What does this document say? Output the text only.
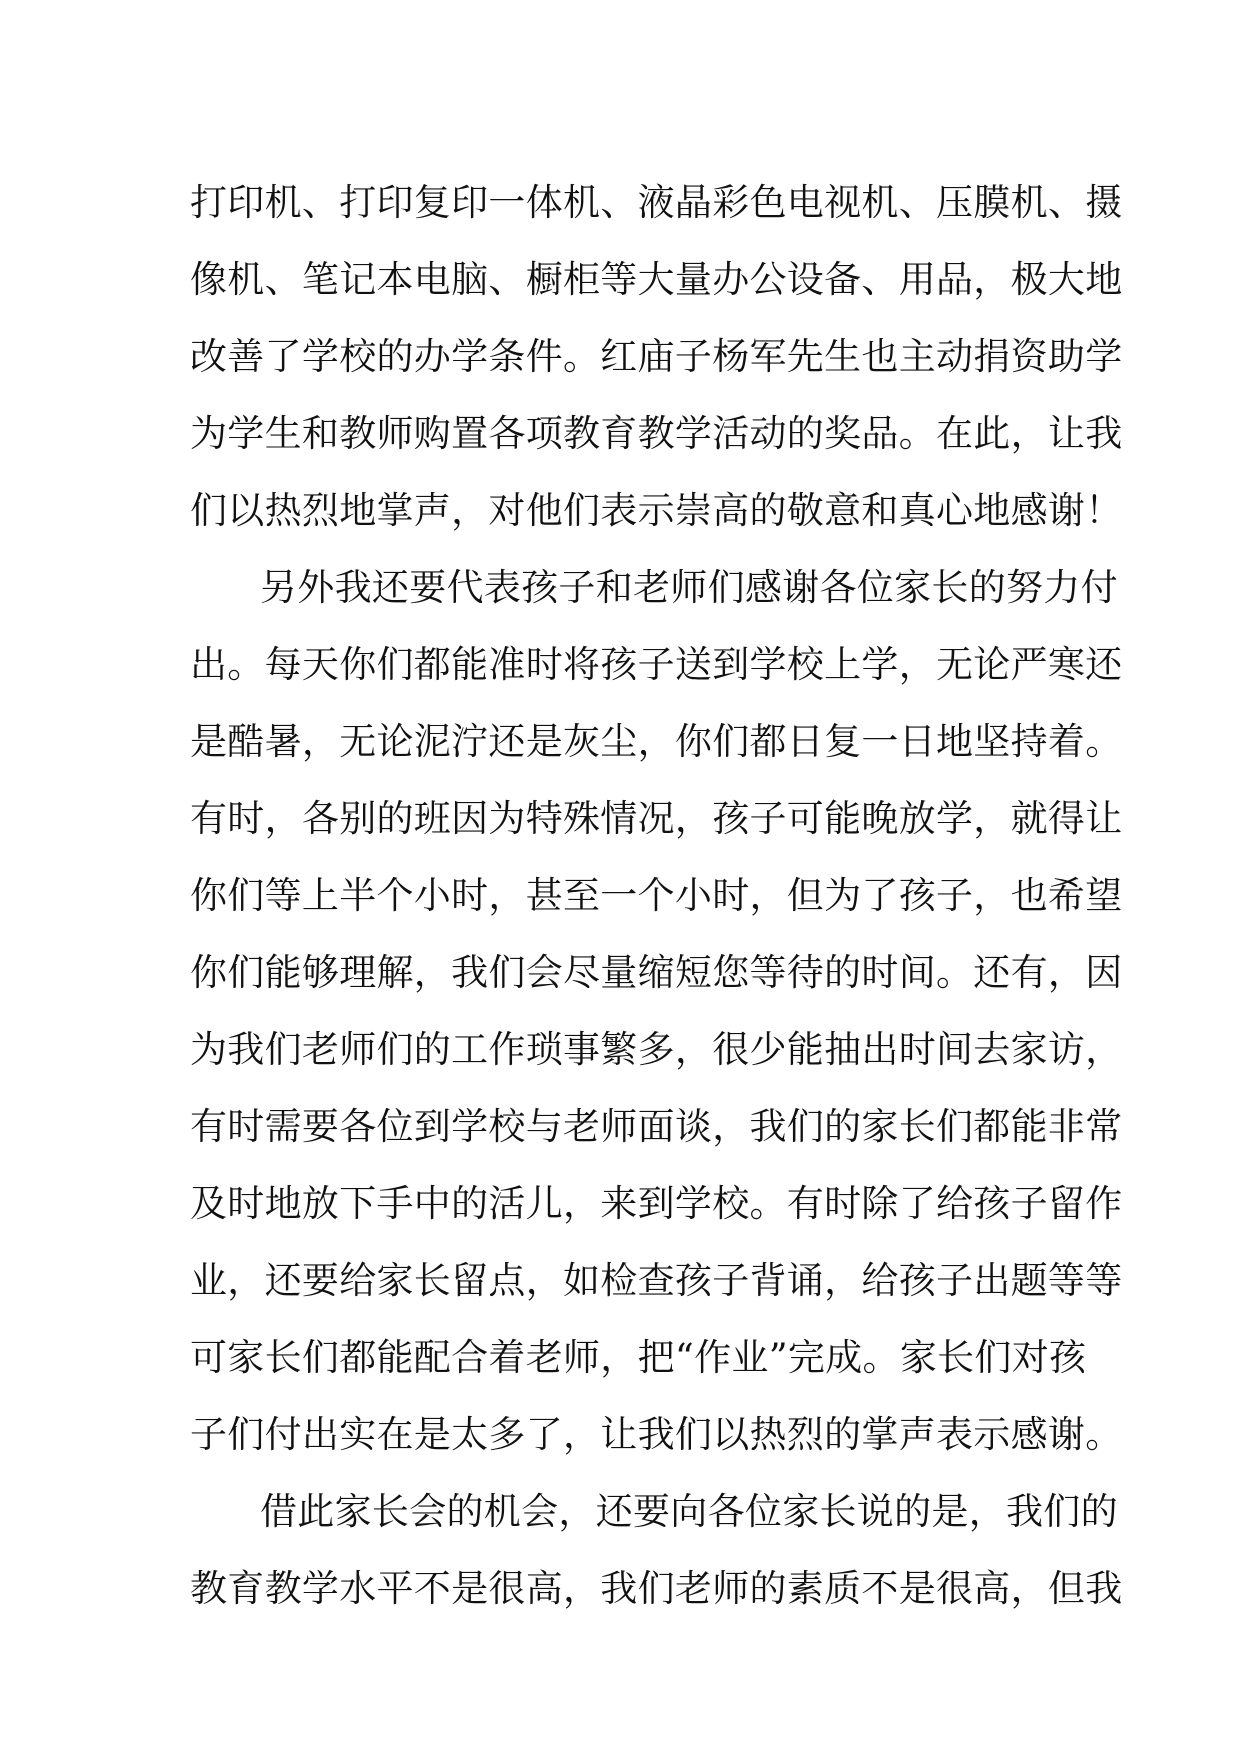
打印机、打印复印一体机、液晶彩色电视机、压膜机、摄
像机、笔记本电脑、橱柜等大量办公设备、用品，极大地
改善了学校的办学条件。红庙子杨军先生也主动捐资助学
为学生和教师购置各项教育教学活动的奖品。在此，让我
们以热烈地掌声，对他们表示崇高的敬意和真心地感谢！
另外我还要代表孩子和老师们感谢各位家长的努力付
出。每天你们都能准时将孩子送到学校上学，无论严寒还
是酷暑，无论泥泞还是灰尘，你们都日复一日地坚持着。
有时，各别的班因为特殊情况，孩子可能晚放学，就得让
你们等上半个小时，甚至一个小时，但为了孩子，也希望
你们能够理解，我们会尽量缩短您等待的时间。还有，因
为我们老师们的工作琐事繁多，很少能抽出时间去家访，
有时需要各位到学校与老师面谈，我们的家长们都能非常
及时地放下手中的活儿，来到学校。有时除了给孩子留作
业，还要给家长留点，如检查孩子背诵，给孩子出题等等
可家长们都能配合着老师，把“作业”完成。家长们对孩
子们付出实在是太多了，让我们以热烈的掌声表示感谢。
借此家长会的机会，还要向各位家长说的是，我们的
教育教学水平不是很高，我们老师的素质不是很高，但我
